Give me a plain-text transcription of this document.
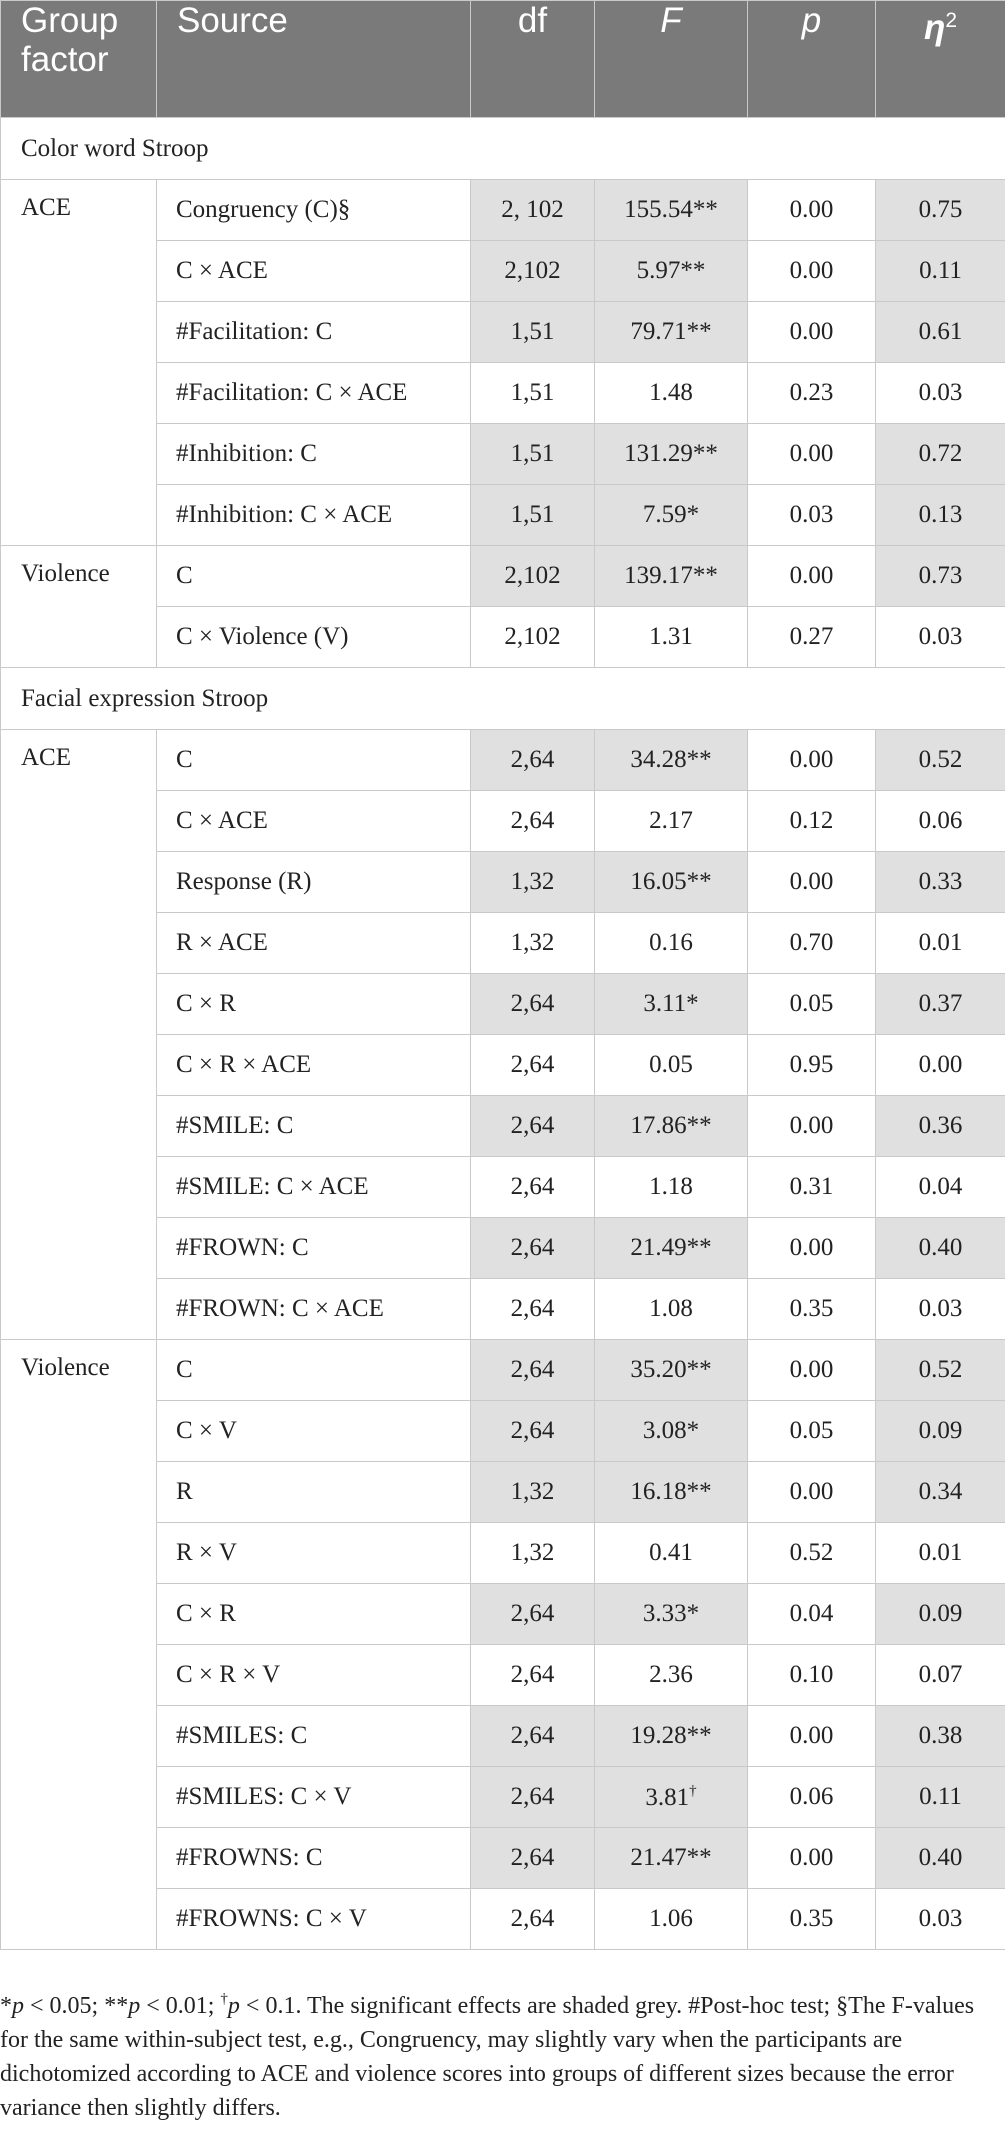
Group factor	Source	df	F	p	$\eta^2$
Color word Stroop					
ACE	Congruency (C)§	2, 102	155.54**	0.00	0.75
	C × ACE	2,102	5.97**	0.00	0.11
	#Facilitation: C	1,51	79.71**	0.00	0.61
	#Facilitation: C × ACE	1,51	1.48	0.23	0.03
	#Inhibition: C	1,51	131.29**	0.00	0.72
	#Inhibition: C × ACE	1,51	7.59*	0.03	0.13
Violence	C	2,102	139.17**	0.00	0.73
	C × Violence (V)	2,102	1.31	0.27	0.03
Facial expression Stroop					
ACE	C	2,64	34.28**	0.00	0.52
	C × ACE	2,64	2.17	0.12	0.06
	Response (R)	1,32	16.05**	0.00	0.33
	R × ACE	1,32	0.16	0.70	0.01
	C × R	2,64	3.11*	0.05	0.37
	C × R × ACE	2,64	0.05	0.95	0.00
	#SMILE: C	2,64	17.86**	0.00	0.36
	#SMILE: C × ACE	2,64	1.18	0.31	0.04
	#FROWN: C	2,64	21.49**	0.00	0.40
	#FROWN: C × ACE	2,64	1.08	0.35	0.03
Violence	C	2,64	35.20**	0.00	0.52
	C × V	2,64	3.08*	0.05	0.09
	R	1,32	16.18**	0.00	0.34
	R × V	1,32	0.41	0.52	0.01
	C × R	2,64	3.33*	0.04	0.09
	C × R × V	2,64	2.36	0.10	0.07
	#SMILES: C	2,64	19.28**	0.00	0.38
	#SMILES: C × V	2,64	3.81†	0.06	0.11
	#FROWNS: C	2,64	21.47**	0.00	0.40
	#FROWNS: C × V	2,64	1.06	0.35	0.03
*p < 0.05; **p < 0.01; †p < 0.1. The significant effects are shaded grey. #Post-hoc test; §The F-values for the same within-subject test, e.g., Congruency, may slightly vary when the participants are dichotomized according to ACE and violence scores into groups of different sizes because the error variance then slightly differs.
